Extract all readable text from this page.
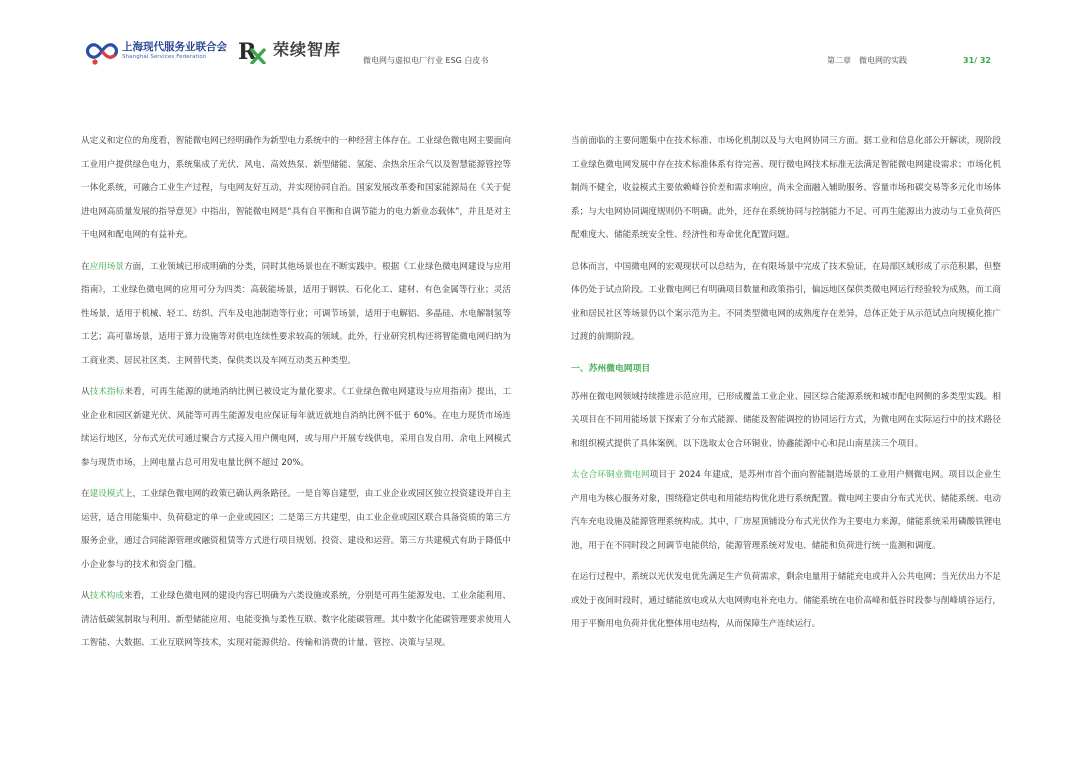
上海现代服务业联合会
Shanghai Services Federation	R 荣续智库
微电网与虚拟电厂行业 ESG 白皮书	第二章　微电网的实践	31/ 32

从定义和定位的角度看，智能微电网已经明确作为新型电力系统中的一种经营主体存在。工业绿色微电网主要面向工业用户提供绿色电力，系统集成了光伏、风电、高效热泵、新型储能、氢能、余热余压余气以及智慧能源管控等一体化系统，可融合工业生产过程，与电网友好互动，并实现协同自治。国家发展改革委和国家能源局在《关于促进电网高质量发展的指导意见》中指出，智能微电网是“具有自平衡和自调节能力的电力新业态载体”，并且是对主干电网和配电网的有益补充。

在应用场景方面，工业领域已形成明确的分类，同时其他场景也在不断实践中。根据《工业绿色微电网建设与应用指南》，工业绿色微电网的应用可分为四类：高载能场景，适用于钢铁、石化化工、建材、有色金属等行业；灵活性场景，适用于机械、轻工、纺织、汽车及电池制造等行业；可调节场景，适用于电解铝、多晶硅、水电解制氢等工艺；高可靠场景，适用于算力设施等对供电连续性要求较高的领域。此外，行业研究机构还将智能微电网归纳为工商业类、居民社区类、主网替代类、保供类以及车网互动类五种类型。

从技术指标来看，可再生能源的就地消纳比例已被设定为量化要求。《工业绿色微电网建设与应用指南》提出，工业企业和园区新建光伏、风能等可再生能源发电应保证每年就近就地自消纳比例不低于 60%。在电力现货市场连续运行地区，分布式光伏可通过聚合方式接入用户侧电网，或与用户开展专线供电，采用自发自用、余电上网模式参与现货市场，上网电量占总可用发电量比例不超过 20%。

在建设模式上，工业绿色微电网的政策已确认两条路径。一是自筹自建型，由工业企业或园区独立投资建设并自主运营，适合用能集中、负荷稳定的单一企业或园区；二是第三方共建型，由工业企业或园区联合具备资质的第三方服务企业，通过合同能源管理或融资租赁等方式进行项目规划、投资、建设和运营。第三方共建模式有助于降低中小企业参与的技术和资金门槛。

从技术构成来看，工业绿色微电网的建设内容已明确为六类设施或系统，分别是可再生能源发电、工业余能利用、清洁低碳氢制取与利用、新型储能应用、电能变换与柔性互联、数字化能碳管理。其中数字化能碳管理要求使用人工智能、大数据、工业互联网等技术，实现对能源供给、传输和消费的计量、管控、决策与呈现。

当前面临的主要问题集中在技术标准、市场化机制以及与大电网协同三方面。据工业和信息化部公开解读，现阶段工业绿色微电网发展中存在技术标准体系有待完善、现行微电网技术标准无法满足智能微电网建设需求；市场化机制尚不健全，收益模式主要依赖峰谷价差和需求响应，尚未全面融入辅助服务、容量市场和碳交易等多元化市场体系；与大电网协同调度规则仍不明确。此外，还存在系统协同与控制能力不足、可再生能源出力波动与工业负荷匹配难度大、储能系统安全性、经济性和寿命优化配置问题。

总体而言，中国微电网的宏观现状可以总结为，在有限场景中完成了技术验证，在局部区域形成了示范积累，但整体仍处于试点阶段。工业微电网已有明确项目数量和政策指引，偏远地区保供类微电网运行经验较为成熟，而工商业和居民社区等场景仍以个案示范为主。不同类型微电网的成熟度存在差异，总体正处于从示范试点向规模化推广过渡的前期阶段。

一、苏州微电网项目

苏州在微电网领域持续推进示范应用，已形成覆盖工业企业、园区综合能源系统和城市配电网侧的多类型实践。相关项目在不同用能场景下探索了分布式能源、储能及智能调控的协同运行方式，为微电网在实际运行中的技术路径和组织模式提供了具体案例。以下选取太仓合环铜业、协鑫能源中心和昆山南星渎三个项目。

太仓合环铜业微电网项目于 2024 年建成，是苏州市首个面向智能制造场景的工业用户侧微电网。项目以企业生产用电为核心服务对象，围绕稳定供电和用能结构优化进行系统配置。微电网主要由分布式光伏、储能系统、电动汽车充电设施及能源管理系统构成。其中，厂房屋顶铺设分布式光伏作为主要电力来源，储能系统采用磷酸铁锂电池，用于在不同时段之间调节电能供给，能源管理系统对发电、储能和负荷进行统一监测和调度。

在运行过程中，系统以光伏发电优先满足生产负荷需求，剩余电量用于储能充电或并入公共电网；当光伏出力不足或处于夜间时段时，通过储能放电或从大电网购电补充电力。储能系统在电价高峰和低谷时段参与削峰填谷运行，用于平衡用电负荷并优化整体用电结构，从而保障生产连续运行。
